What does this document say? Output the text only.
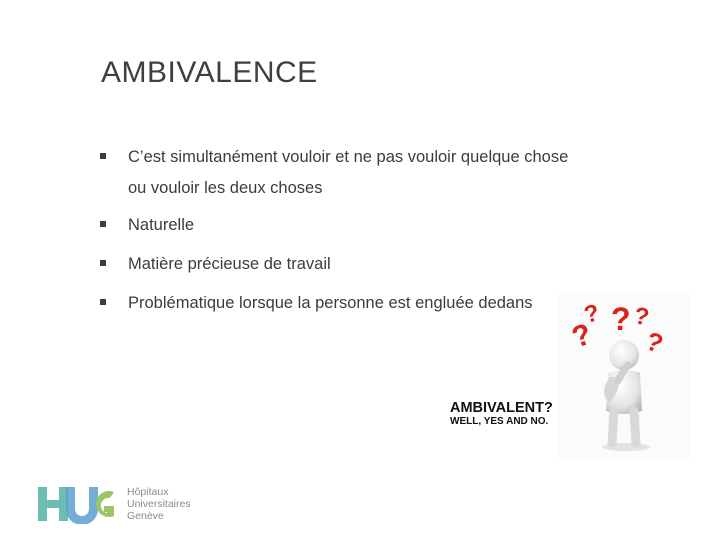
AMBIVALENCE
C’est simultanément vouloir et ne pas vouloir quelque chose ou vouloir les deux choses
Naturelle
Matière précieuse de travail
Problématique lorsque la personne est engluée dedans	?
? ? ?
?
AMBIVALENT?
WELL, YES AND NO.
Hôpitaux
Universitaires
Genève
